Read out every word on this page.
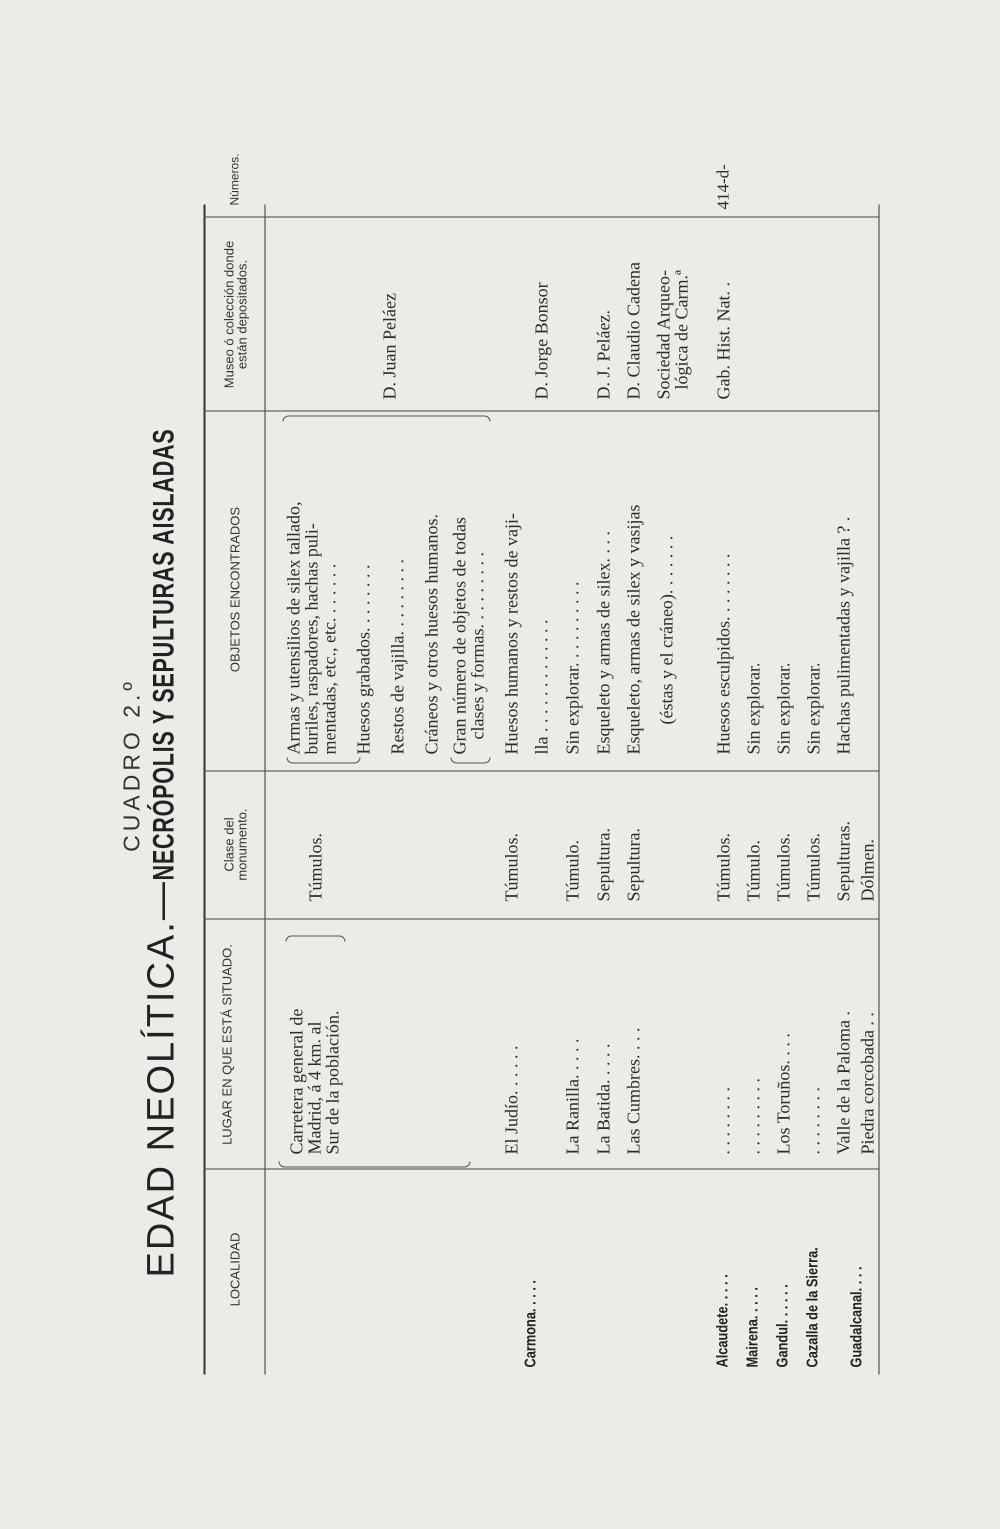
CUADRO 2.º
EDAD NEOLÍTICA.—NECRÓPOLIS Y SEPULTURAS AISLADAS
LOCALIDAD
LUGAR EN QUE ESTÁ SITUADO.
Clase del monumento.
OBJETOS ENCONTRADOS
Museo ó colección donde están depositados.
Números.
Carretera general de
Madrid, á 4 km. al
Sur de la población.
Túmulos.
Armas y utensilios de silex tallado,
buriles, raspadores, hachas puli-
mentadas, etc., etc. . . . . . . Huesos grabados. . . . . . . . Restos de vajilla. . . . . . . . . Cráneos y otros huesos humanos. Gran número de objetos de todas
clases y formas. . . . . . . . .
D. Juan Peláez
Carmona. . . . .
El Judío. . . . . .
Túmulos.
Huesos humanos y restos de vaji- lla . . . . . . . . . . . . .
D. Jorge Bonsor
La Ranilla. . . . .
Túmulo.
Sin explorar. . . . . . . . . .
La Batida. . . . .
Sepultura.
Esqueleto y armas de silex. . . .
D. J. Peláez.
Las Cumbres. . . .
Sepultura.
Esqueleto, armas de silex y vasijas (éstas y el cráneo). . . . . . .
D. Claudio Cadena Sociedad Arqueo-
lógica de Carm.ª
Alcaudete. . . . .
. . . . . . . .
Túmulos.
Huesos esculpidos. . . . . . . .
Gab. Hist. Nat. .
414-d-
Mairena. . . . .
. . . . . . . . .
Túmulo.
Sin explorar.
Gandul. . . . . .
Los Toruños. . . .
Túmulos.
Sin explorar.
Cazalla de la Sierra.
. . . . . . . .
Túmulos.
Sin explorar.
Guadalcanal. . . .
Valle de la Paloma .
Sepulturas.
Hachas pulimentadas y vajilla ? .
Piedra corcobada . .
Dólmen.
